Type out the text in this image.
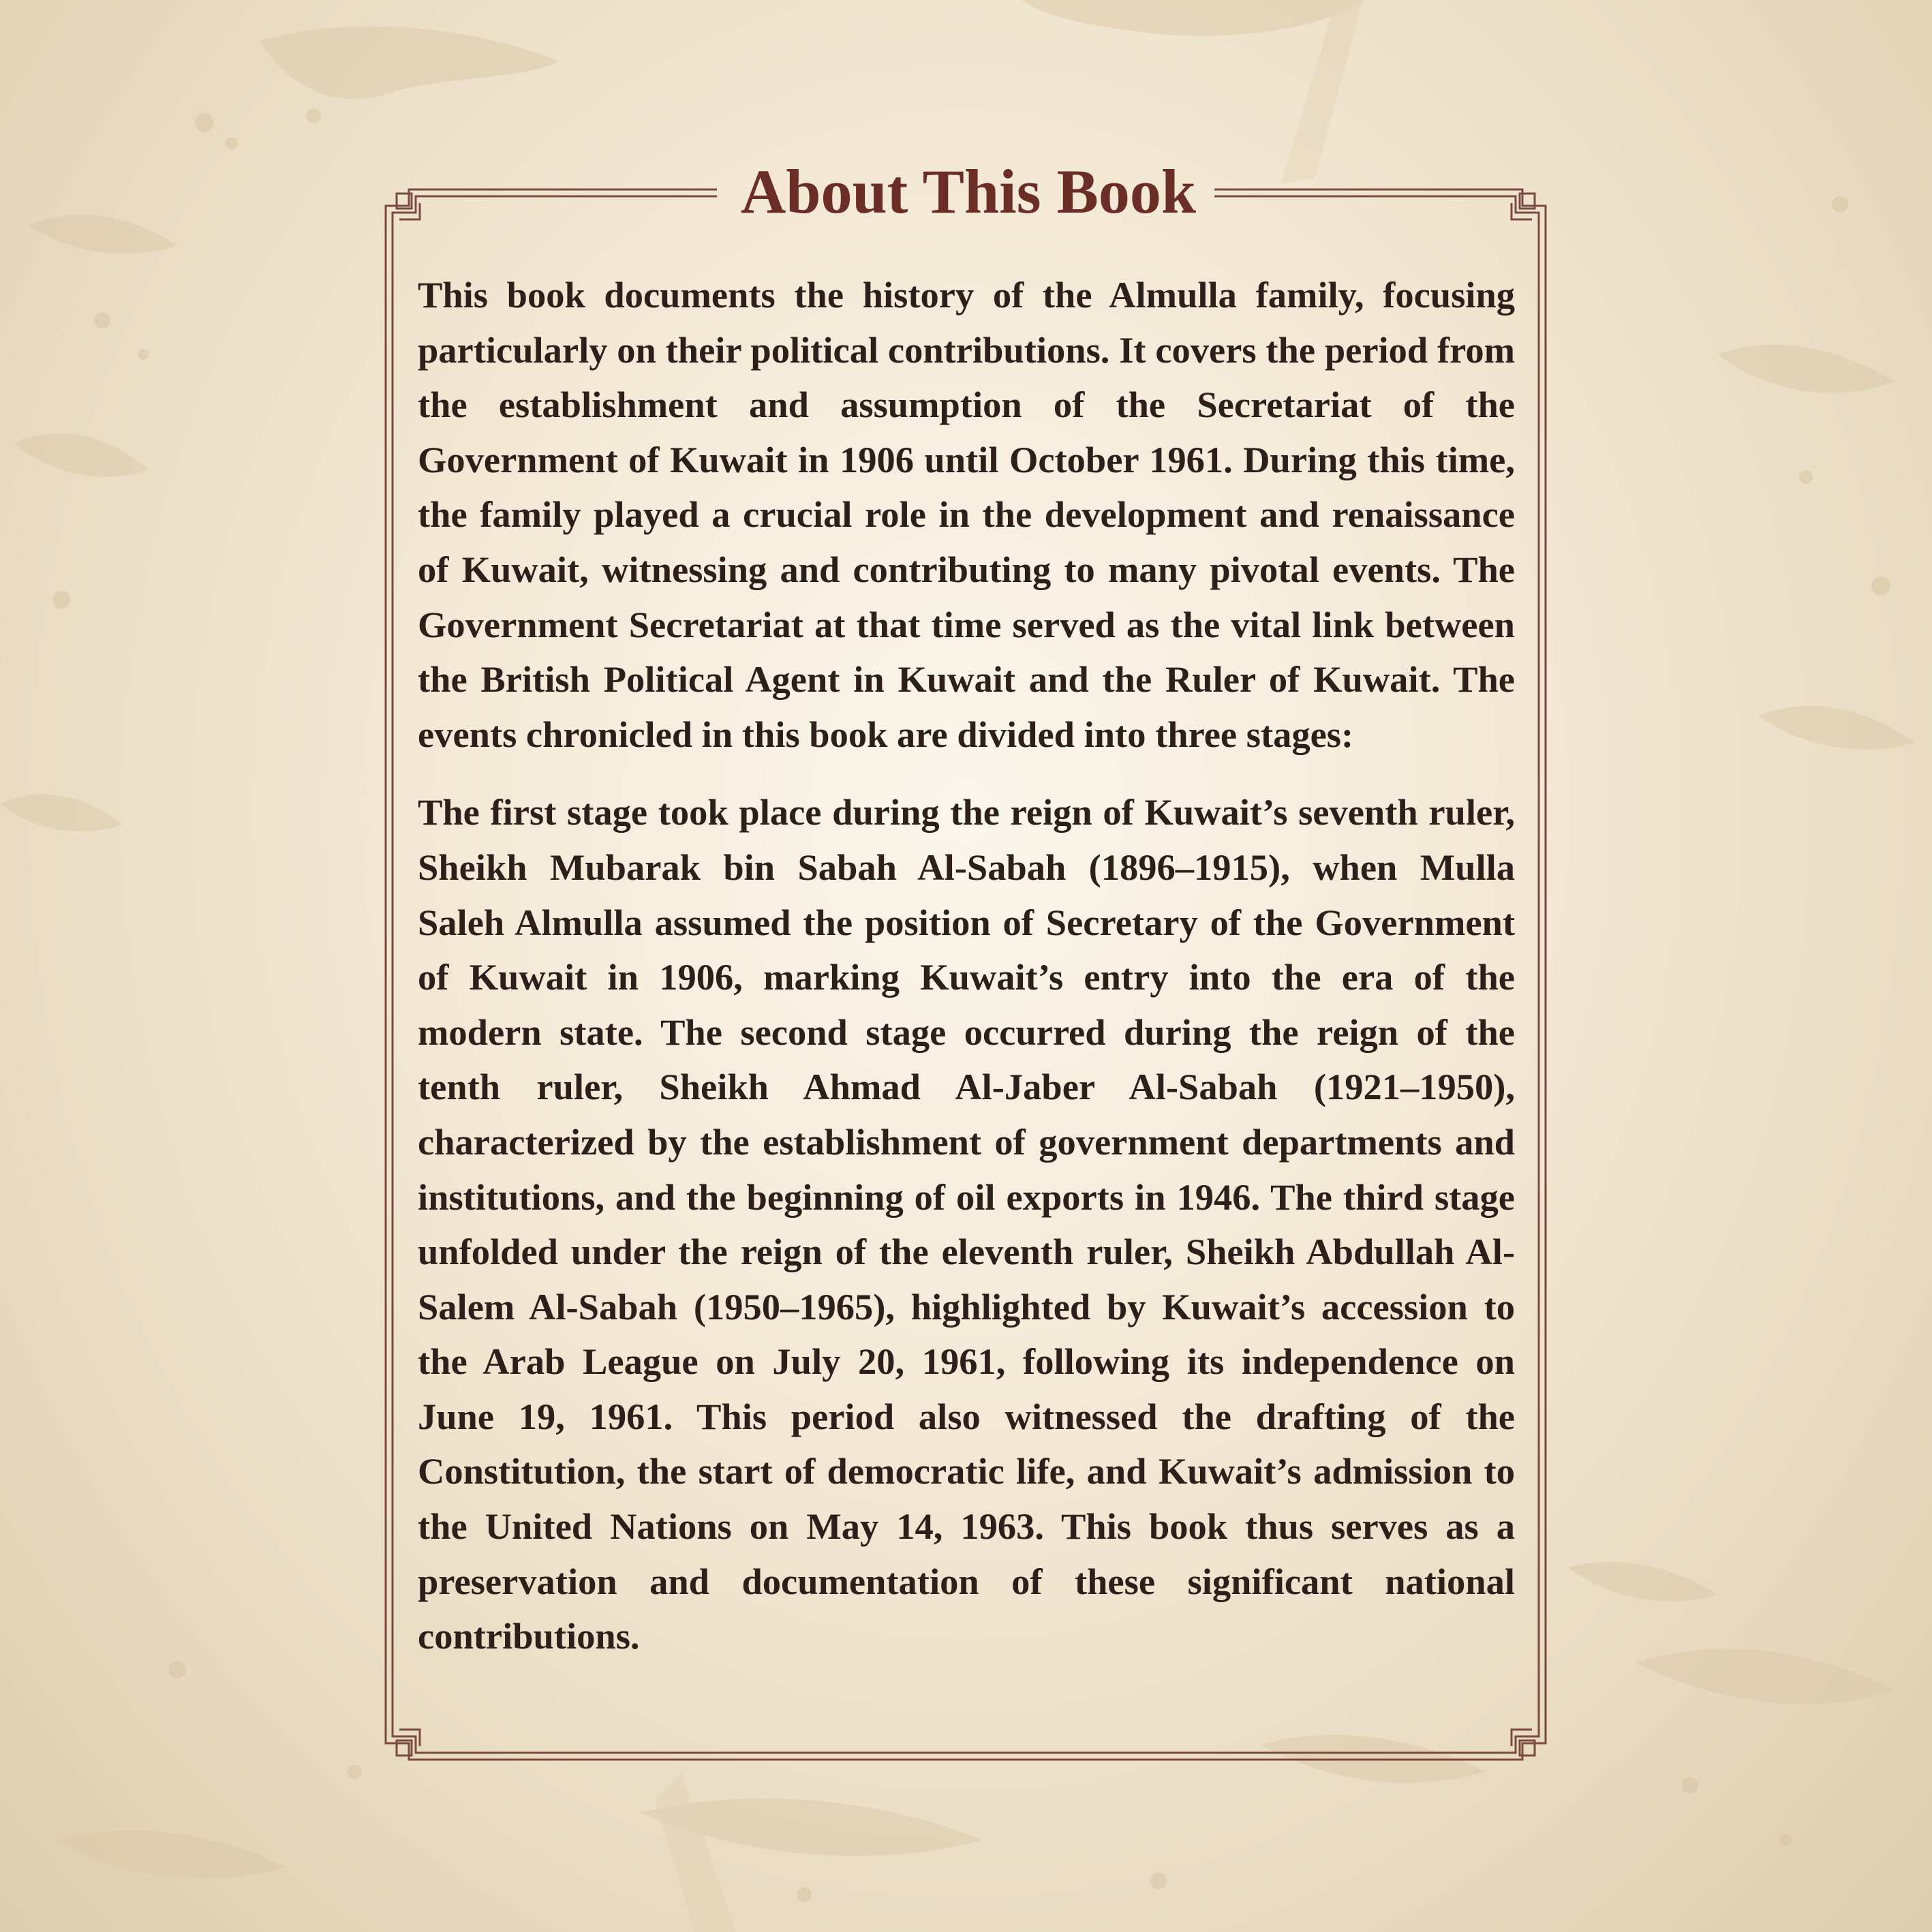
About This Book

This book documents the history of the Almulla family, focusing particularly on their political contributions. It covers the period from the establishment and assumption of the Secretariat of the Government of Kuwait in 1906 until October 1961. During this time, the family played a crucial role in the development and renaissance of Kuwait, witnessing and contributing to many pivotal events. The Government Secretariat at that time served as the vital link between the British Political Agent in Kuwait and the Ruler of Kuwait. The events chronicled in this book are divided into three stages:

The first stage took place during the reign of Kuwait’s seventh ruler, Sheikh Mubarak bin Sabah Al-Sabah (1896–1915), when Mulla Saleh Almulla assumed the position of Secretary of the Government of Kuwait in 1906, marking Kuwait’s entry into the era of the modern state. The second stage occurred during the reign of the tenth ruler, Sheikh Ahmad Al-Jaber Al-Sabah (1921–1950), characterized by the establishment of government departments and institutions, and the beginning of oil exports in 1946. The third stage unfolded under the reign of the eleventh ruler, Sheikh Abdullah Al-Salem Al-Sabah (1950–1965), highlighted by Kuwait’s accession to the Arab League on July 20, 1961, following its independence on June 19, 1961. This period also witnessed the drafting of the Constitution, the start of democratic life, and Kuwait’s admission to the United Nations on May 14, 1963. This book thus serves as a preservation and documentation of these significant national contributions.
